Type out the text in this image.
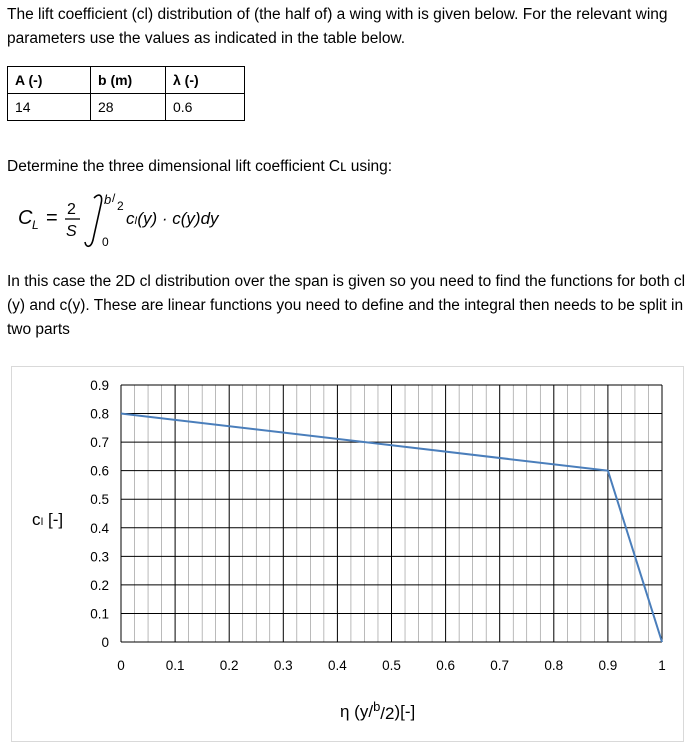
The lift coefficient (cl) distribution of (the half of) a wing with is given below. For the relevant wing parameters use the values as indicated in the table below.
A (-)	b (m)	λ (-)
14	28	0.6
Determine the three dimensional lift coefficient Cʟ using:
C L = 2
S
b /
2
0
cₗ(y) · c(y)dy
In this case the 2D cl distribution over the span is given so you need to find the functions for both cl (y) and c(y). These are linear functions you need to define and the integral then needs to be split in two parts
0
0.1
0.2
0.3
0.4
0.5
0.6
0.7
0.8
0.9
0	0.1	0.2	0.3	0.4	0.5	0.6	0.7	0.8	0.9	1
cₗ [-]
η (y/$^b$/2)[-]
